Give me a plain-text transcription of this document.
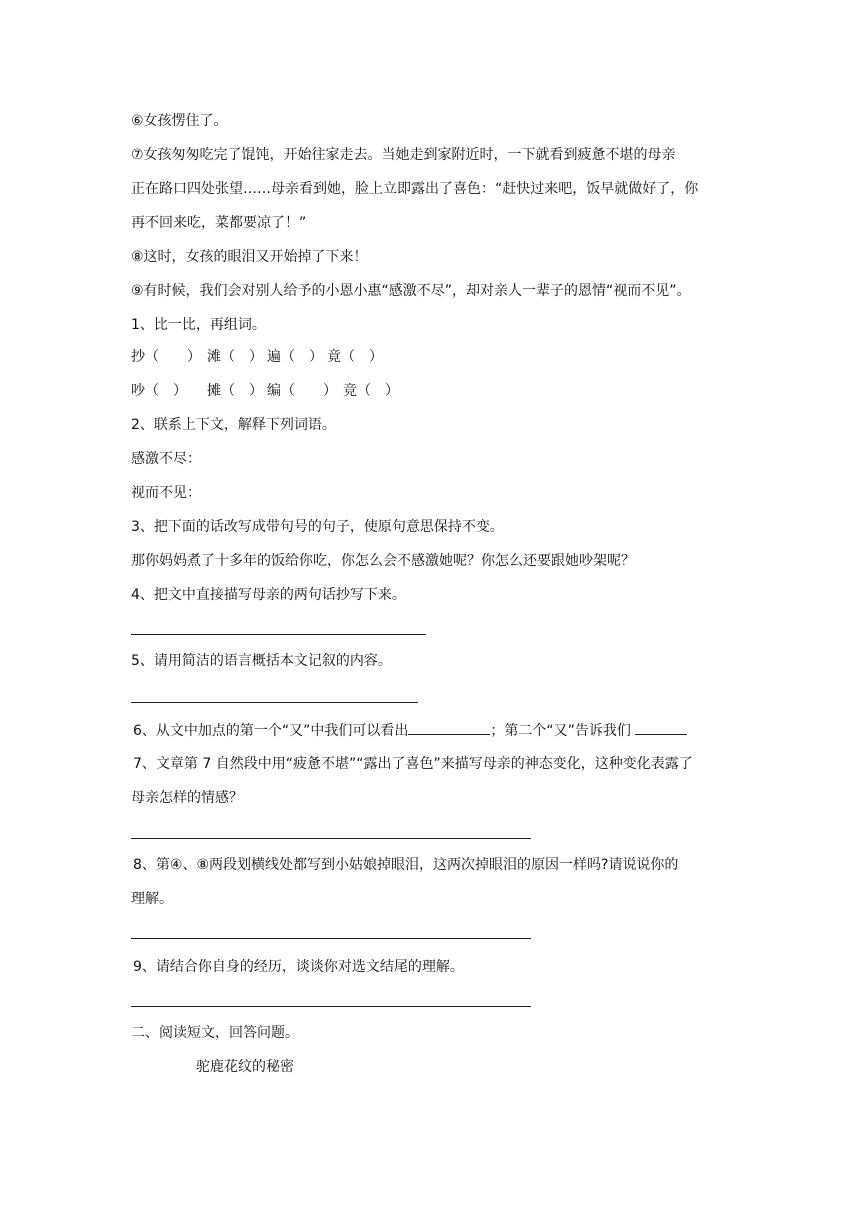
⑥女孩愣住了。
⑦女孩匆匆吃完了馄饨，开始往家走去。当她走到家附近时，一下就看到疲惫不堪的母亲
正在路口四处张望……母亲看到她，脸上立即露出了喜色：“赶快过来吧，饭早就做好了，你
再不回来吃，菜都要凉了！”
⑧这时，女孩的眼泪又开始掉了下来！
⑨有时候，我们会对别人给予的小恩小惠“感激不尽”，却对亲人一辈子的恩情“视而不见”。
1、比一比，再组词。
抄（　　） 滩（　） 遍（　） 竟（　）
吵（　） 摊（　） 编（　　） 竞（　）
2、联系上下文，解释下列词语。
感激不尽：
视而不见：
3、把下面的话改写成带句号的句子，使原句意思保持不变。
那你妈妈煮了十多年的饭给你吃，你怎么会不感激她呢？你怎么还要跟她吵架呢？
4、把文中直接描写母亲的两句话抄写下来。
5、请用简洁的语言概括本文记叙的内容。
6、从文中加点的第一个“又”中我们可以看出	；第二个“又”告诉我们
7、文章第 7 自然段中用“疲惫不堪”“露出了喜色”来描写母亲的神态变化，这种变化表露了
母亲怎样的情感？
8、第④、⑧两段划横线处都写到小姑娘掉眼泪，这两次掉眼泪的原因一样吗?请说说你的
理解。
9、请结合你自身的经历，谈谈你对选文结尾的理解。
二、阅读短文，回答问题。
驼鹿花纹的秘密
